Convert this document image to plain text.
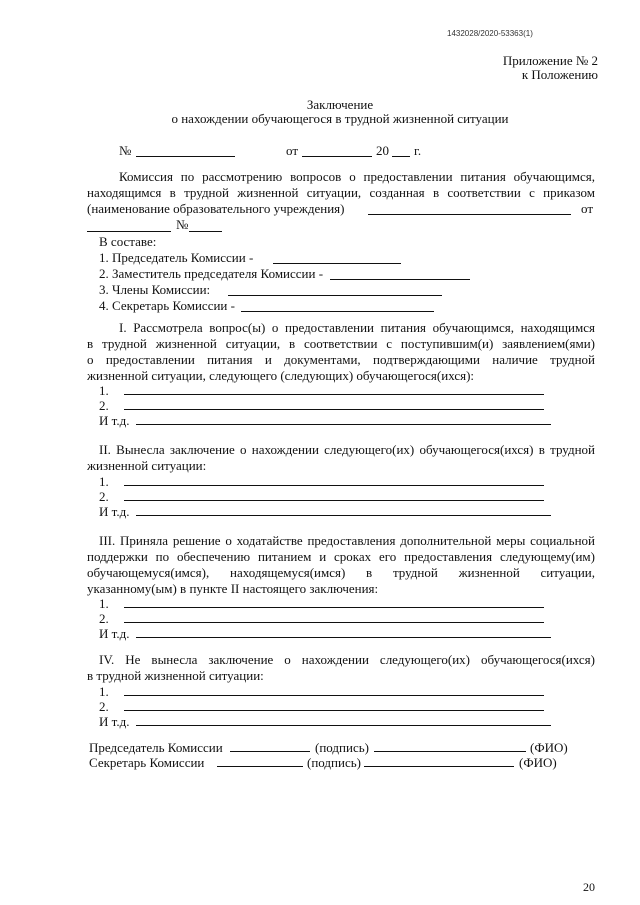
1432028/2020-53363(1)
Приложение № 2
к Положению
Заключение
о нахождении обучающегося в трудной жизненной ситуации
№	от	20 г.
Комиссия по рассмотрению вопросов о предоставлении питания обучающимся,
находящимся в трудной жизненной ситуации, созданная в соответствии с приказом
(наименование образовательного учреждения)	от
№
В составе:
1. Председатель Комиссии -
2. Заместитель председателя Комиссии -
3. Члены Комиссии:
4. Секретарь Комиссии -
I. Рассмотрела вопрос(ы) о предоставлении питания обучающимся, находящимся
в трудной жизненной ситуации, в соответствии с поступившим(и) заявлением(ями)
о предоставлении питания и документами, подтверждающими наличие трудной
жизненной ситуации, следующего (следующих) обучающегося(ихся):
1.
2.
И т.д.
II. Вынесла заключение о нахождении следующего(их) обучающегося(ихся) в трудной
жизненной ситуации:
1.
2.
И т.д.
III. Приняла решение о ходатайстве предоставления дополнительной меры социальной
поддержки по обеспечению питанием и сроках его предоставления следующему(им)
обучающемуся(имся), находящемуся(имся) в трудной жизненной ситуации,
указанному(ым) в пункте II настоящего заключения:
1.
2.
И т.д.
IV. Не вынесла заключение о нахождении следующего(их) обучающегося(ихся)
в трудной жизненной ситуации:
1.
2.
И т.д.
Председатель Комиссии	(подпись)	(ФИО)
Секретарь Комиссии	(подпись)	(ФИО)
20
